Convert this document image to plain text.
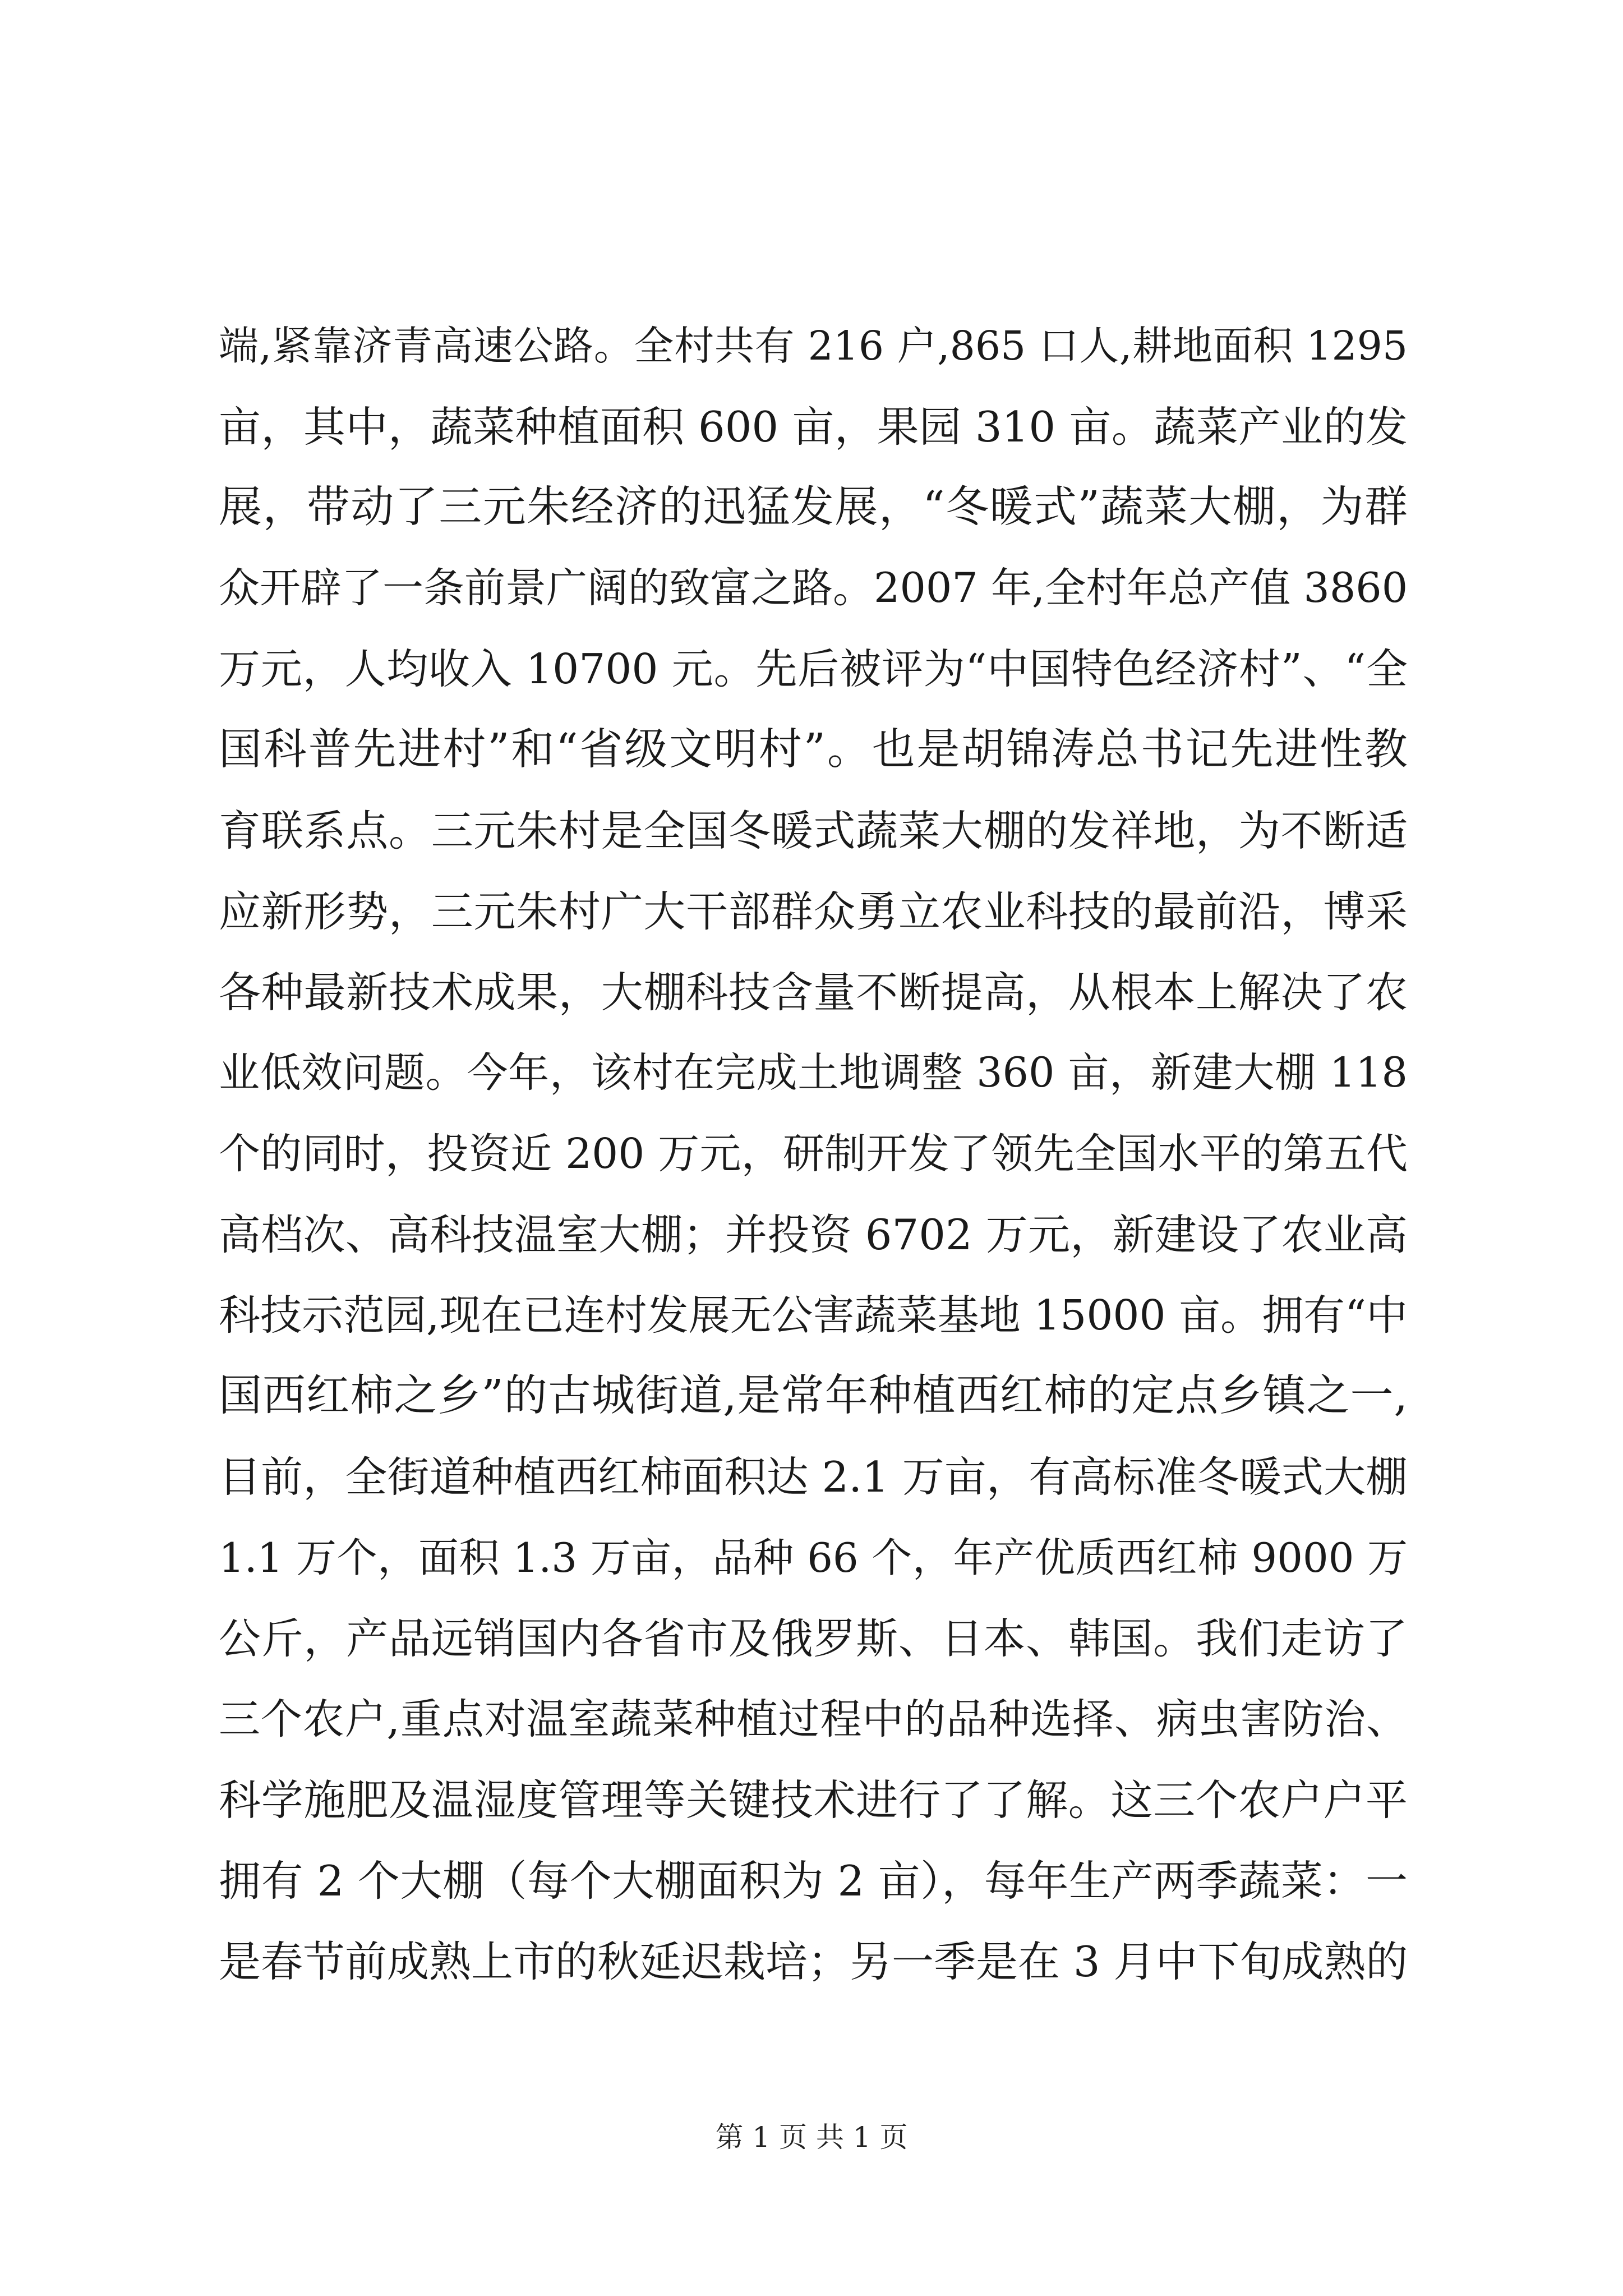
端,紧靠济青高速公路。全村共有 216 户,865 口人,耕地面积 1295
亩，其中，蔬菜种植面积 600 亩，果园 310 亩。蔬菜产业的发
展，带动了三元朱经济的迅猛发展，“冬暖式”蔬菜大棚，为群
众开辟了一条前景广阔的致富之路。2007 年,全村年总产值 3860
万元，人均收入 10700 元。先后被评为“中国特色经济村”、“全
国科普先进村”和“省级文明村”。也是胡锦涛总书记先进性教
育联系点。三元朱村是全国冬暖式蔬菜大棚的发祥地，为不断适
应新形势，三元朱村广大干部群众勇立农业科技的最前沿，博采
各种最新技术成果，大棚科技含量不断提高，从根本上解决了农
业低效问题。今年，该村在完成土地调整 360 亩，新建大棚 118
个的同时，投资近 200 万元，研制开发了领先全国水平的第五代
高档次、高科技温室大棚；并投资 6702 万元，新建设了农业高
科技示范园,现在已连村发展无公害蔬菜基地 15000 亩。拥有“中
国西红柿之乡”的古城街道,是常年种植西红柿的定点乡镇之一,
目前，全街道种植西红柿面积达 2.1 万亩，有高标准冬暖式大棚
1.1 万个，面积 1.3 万亩，品种 66 个，年产优质西红柿 9000 万
公斤，产品远销国内各省市及俄罗斯、日本、韩国。我们走访了
三个农户,重点对温室蔬菜种植过程中的品种选择、病虫害防治、
科学施肥及温湿度管理等关键技术进行了了解。这三个农户户平
拥有 2 个大棚（每个大棚面积为 2 亩），每年生产两季蔬菜：一
是春节前成熟上市的秋延迟栽培；另一季是在 3 月中下旬成熟的
第 1 页 共 1 页
